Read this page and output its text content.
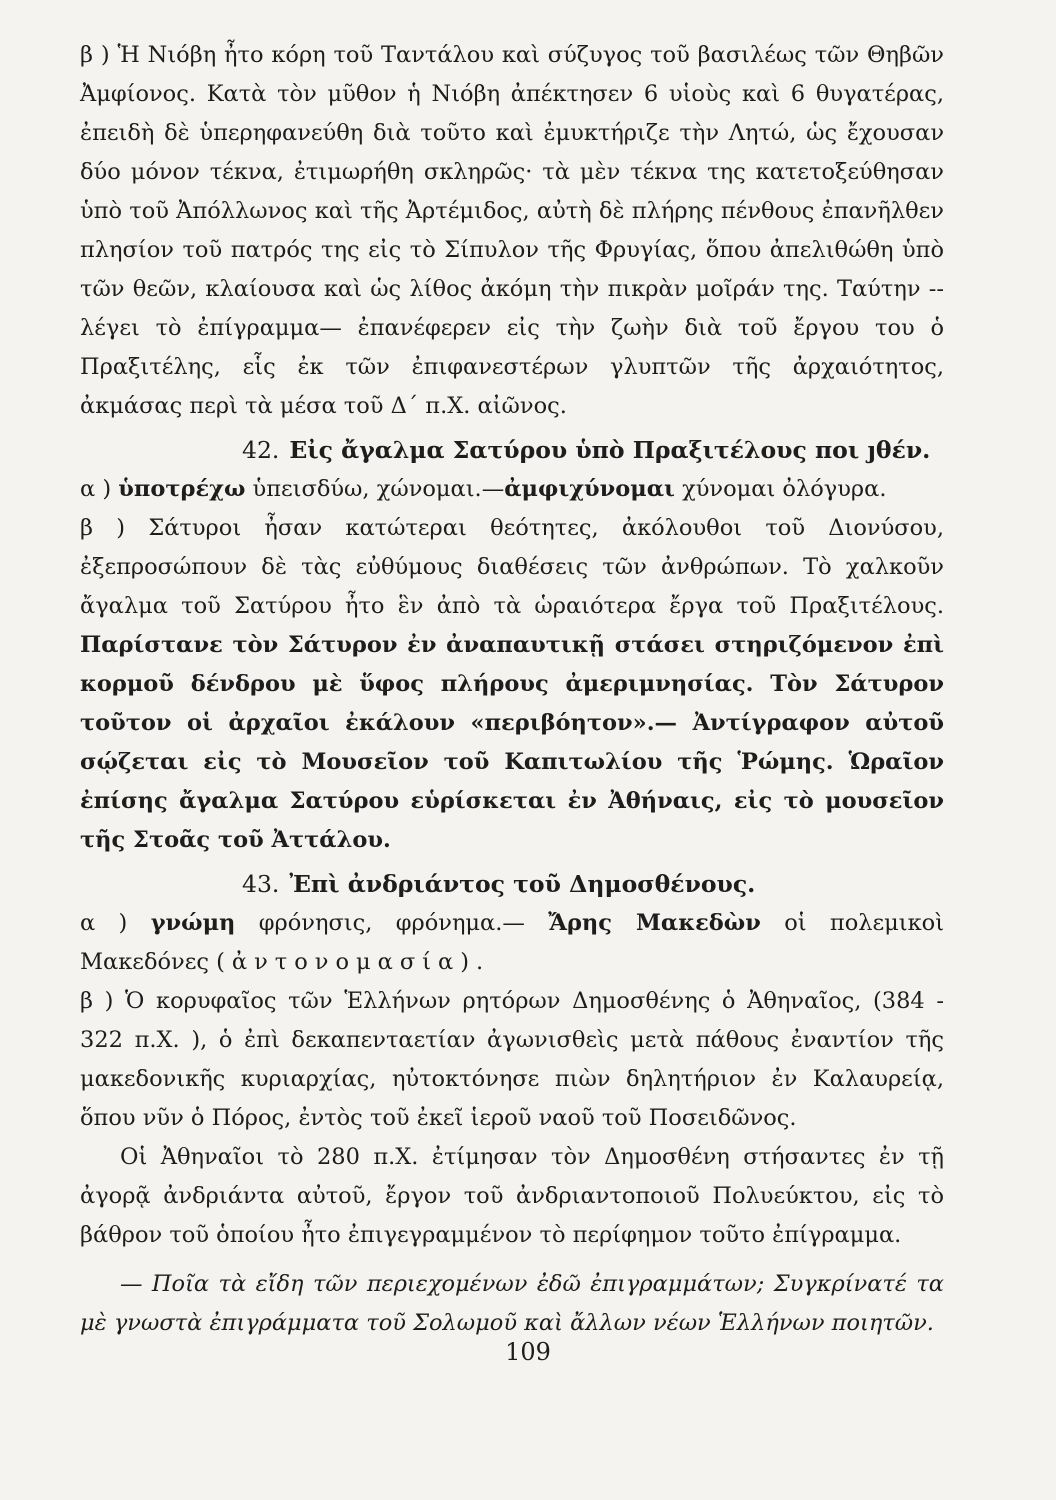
β ) Ἡ Νιόβη ἦτο κόρη τοῦ Ταντάλου καὶ σύζυγος τοῦ βασιλέως τῶν Θηβῶν Ἀμφίονος. Κατὰ τὸν μῦθον ἡ Νιόβη ἀπέκτησεν 6 υἱοὺς καὶ 6 θυγατέρας, ἐπειδὴ δὲ ὑπερηφανεύθη διὰ τοῦτο καὶ ἐμυκτήριζε τὴν Λητώ, ὡς ἔχουσαν δύο μόνον τέκνα, ἐτιμωρήθη σκληρῶς· τὰ μὲν τέκνα της κατετοξεύθησαν ὑπὸ τοῦ Ἀπόλλωνος καὶ τῆς Ἀρτέμιδος, αὐτὴ δὲ πλήρης πένθους ἐπανῆλθεν πλησίον τοῦ πατρός της εἰς τὸ Σίπυλον τῆς Φρυγίας, ὅπου ἀπελιθώθη ὑπὸ τῶν θεῶν, κλαίουσα καὶ ὡς λίθος ἀκόμη τὴν πικρὰν μοῖράν της. Ταύτην -- λέγει τὸ ἐπίγραμμα— ἐπανέφερεν εἰς τὴν ζωὴν διὰ τοῦ ἔργου του ὁ Πραξιτέλης, εἷς ἐκ τῶν ἐπιφανεστέρων γλυπτῶν τῆς ἀρχαιότητος, ἀκμάσας περὶ τὰ μέσα τοῦ Δ΄ π.Χ. αἰῶνος.

42. Εἰς ἄγαλμα Σατύρου ὑπὸ Πραξιτέλους ποι ȷθέν.

α ) ὑποτρέχω ὑπεισδύω, χώνομαι.—ἀμφιχύνομαι χύνομαι ὀλόγυρα.

β ) Σάτυροι ἦσαν κατώτεραι θεότητες, ἀκόλουθοι τοῦ Διονύσου, ἐξεπροσώπουν δὲ τὰς εὐθύμους διαθέσεις τῶν ἀνθρώπων. Τὸ χαλκοῦν ἄγαλμα τοῦ Σατύρου ἦτο ἓν ἀπὸ τὰ ὡραιότερα ἔργα τοῦ Πραξιτέλους. Παρίστανε τὸν Σάτυρον ἐν ἀναπαυτικῇ στάσει στηριζόμενον ἐπὶ κορμοῦ δένδρου μὲ ὕφος πλήρους ἀμεριμνησίας. Τὸν Σάτυρον τοῦτον οἱ ἀρχαῖοι ἐκάλουν «περιβόητον».— Ἀντίγραφον αὐτοῦ σῴζεται εἰς τὸ Μουσεῖον τοῦ Καπιτωλίου τῆς Ῥώμης. Ὡραῖον ἐπίσης ἄγαλμα Σατύρου εὑρίσκεται ἐν Ἀθήναις, εἰς τὸ μουσεῖον τῆς Στοᾶς τοῦ Ἀττάλου.

43. Ἐπὶ ἀνδριάντος τοῦ Δημοσθένους.

α ) γνώμη φρόνησις, φρόνημα.— Ἄρης Μακεδὼν οἱ πολεμικοὶ Μακεδόνες (ἀντονομασία).

β ) Ὁ κορυφαῖος τῶν Ἑλλήνων ρητόρων Δημοσθένης ὁ Ἀθηναῖος, (384 - 322 π.Χ. ), ὁ ἐπὶ δεκαπενταετίαν ἀγωνισθεὶς μετὰ πάθους ἐναντίον τῆς μακεδονικῆς κυριαρχίας, ηὐτοκτόνησε πιὼν δηλητήριον ἐν Καλαυρείᾳ, ὅπου νῦν ὁ Πόρος, ἐντὸς τοῦ ἐκεῖ ἱεροῦ ναοῦ τοῦ Ποσειδῶνος.

Οἱ Ἀθηναῖοι τὸ 280 π.Χ. ἐτίμησαν τὸν Δημοσθένη στήσαντες ἐν τῇ ἀγορᾷ ἀνδριάντα αὐτοῦ, ἔργον τοῦ ἀνδριαντοποιοῦ Πολυεύκτου, εἰς τὸ βάθρον τοῦ ὁποίου ἦτο ἐπιγεγραμμένον τὸ περίφημον τοῦτο ἐπίγραμμα.

— Ποῖα τὰ εἴδη τῶν περιεχομένων ἐδῶ ἐπιγραμμάτων; Συγκρίνατέ τα μὲ γνωστὰ ἐπιγράμματα τοῦ Σολωμοῦ καὶ ἄλλων νέων Ἑλλήνων ποιητῶν.

109
